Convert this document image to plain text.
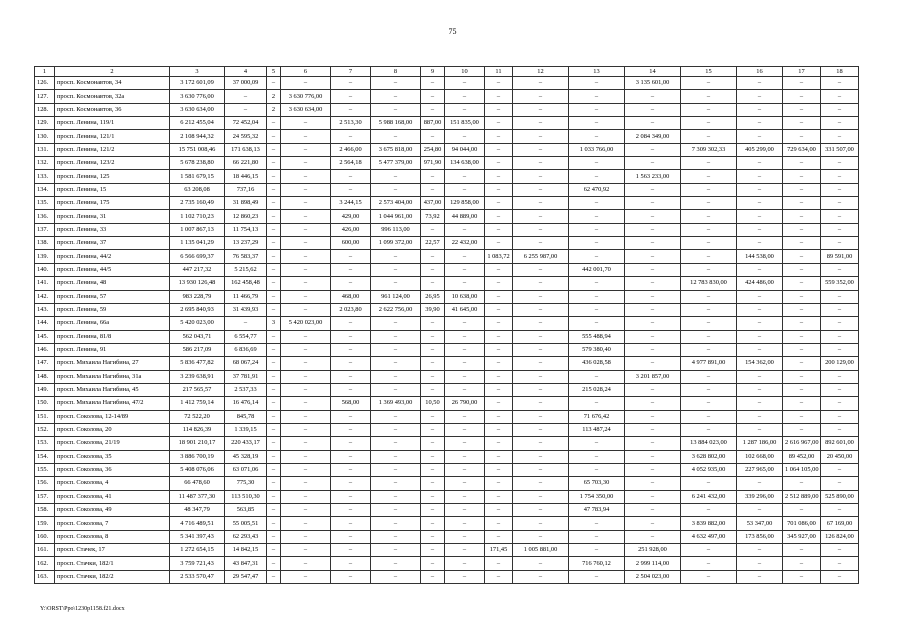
75
1	2	3	4	5	6	7	8	9	10	11	12	13	14	15	16	17	18
126.	просп. Космонавтов, 34	3 172 601,09	37 000,09	–	–	–	–	–	–	–	–	–	3 135 601,00	–	–	–	–
127.	просп. Космонавтов, 32а	3 630 776,00	–	2	3 630 776,00	–	–	–	–	–	–	–	–	–	–	–	–
128.	просп. Космонавтов, 36	3 630 634,00	–	2	3 630 634,00	–	–	–	–	–	–	–	–	–	–	–	–
129.	просп. Ленина, 119/1	6 212 455,04	72 452,04	–	–	2 513,30	5 988 168,00	887,00	151 835,00	–	–	–	–	–	–	–	–
130.	просп. Ленина, 121/1	2 108 944,32	24 595,32	–	–	–	–	–	–	–	–	–	2 084 349,00	–	–	–	–
131.	просп. Ленина, 121/2	15 751 008,46	171 638,13	–	–	2 466,00	3 675 818,00	254,80	94 044,00	–	–	1 033 766,00	–	7 309 302,33	405 299,00	729 634,00	331 507,00
132.	просп. Ленина, 123/2	5 678 238,80	66 221,80	–	–	2 564,18	5 477 379,00	971,90	134 638,00	–	–	–	–	–	–	–	–
133.	просп. Ленина, 125	1 581 679,15	18 446,15	–	–	–	–	–	–	–	–	–	1 563 233,00	–	–	–	–
134.	просп. Ленина, 15	63 208,08	737,16	–	–	–	–	–	–	–	–	62 470,92	–	–	–	–	–
135.	просп. Ленина, 175	2 735 160,49	31 898,49	–	–	3 244,15	2 573 404,00	437,00	129 858,00	–	–	–	–	–	–	–	–
136.	просп. Ленина, 31	1 102 710,23	12 860,23	–	–	429,00	1 044 961,00	73,92	44 889,00	–	–	–	–	–	–	–	–
137.	просп. Ленина, 33	1 007 867,13	11 754,13	–	–	426,00	996 113,00	–	–	–	–	–	–	–	–	–	–
138.	просп. Ленина, 37	1 135 041,29	13 237,29	–	–	600,00	1 099 372,00	22,57	22 432,00	–	–	–	–	–	–	–	–
139.	просп. Ленина, 44/2	6 566 699,37	76 583,37	–	–	–	–	–	–	1 083,72	6 255 987,00	–	–	–	144 538,00	–	89 591,00
140.	просп. Ленина, 44/5	447 217,32	5 215,62	–	–	–	–	–	–	–	–	442 001,70	–	–	–	–	–
141.	просп. Ленина, 48	13 930 126,48	162 458,48	–	–	–	–	–	–	–	–	–	–	12 783 830,00	424 486,00	–	559 352,00
142.	просп. Ленина, 57	983 228,79	11 466,79	–	–	468,00	961 124,00	26,95	10 638,00	–	–	–	–	–	–	–	–
143.	просп. Ленина, 59	2 695 840,93	31 439,93	–	–	2 023,80	2 622 756,00	39,90	41 645,00	–	–	–	–	–	–	–	–
144.	просп. Ленина, 66а	5 420 023,00	–	3	5 420 023,00	–	–	–	–	–	–	–	–	–	–	–	–
145.	просп. Ленина, 81/8	562 043,71	6 554,77	–	–	–	–	–	–	–	–	555 488,94	–	–	–	–	–
146.	просп. Ленина, 91	586 217,09	6 836,69	–	–	–	–	–	–	–	–	579 380,40	–	–	–	–	–
147.	просп. Михаила Нагибина, 27	5 836 477,82	68 067,24	–	–	–	–	–	–	–	–	436 028,58	–	4 977 891,00	154 362,00	–	200 129,00
148.	просп. Михаила Нагибина, 31а	3 239 638,91	37 781,91	–	–	–	–	–	–	–	–	–	3 201 857,00	–	–	–	–
149.	просп. Михаила Нагибина, 45	217 565,57	2 537,33	–	–	–	–	–	–	–	–	215 028,24	–	–	–	–	–
150.	просп. Михаила Нагибина, 47/2	1 412 759,14	16 476,14	–	–	568,00	1 369 493,00	10,50	26 790,00	–	–	–	–	–	–	–	–
151.	просп. Соколова, 12-14/89	72 522,20	845,78	–	–	–	–	–	–	–	–	71 676,42	–	–	–	–	–
152.	просп. Соколова, 20	114 826,39	1 339,15	–	–	–	–	–	–	–	–	113 487,24	–	–	–	–	–
153.	просп. Соколова, 21/19	18 901 210,17	220 433,17	–	–	–	–	–	–	–	–	–	–	13 884 023,00	1 287 186,00	2 616 967,00	892 601,00
154.	просп. Соколова, 35	3 886 700,19	45 328,19	–	–	–	–	–	–	–	–	–	–	3 628 802,00	102 668,00	89 452,00	20 450,00
155.	просп. Соколова, 36	5 408 076,06	63 071,06	–	–	–	–	–	–	–	–	–	–	4 052 935,00	227 965,00	1 064 105,00	–
156.	просп. Соколова, 4	66 478,60	775,30	–	–	–	–	–	–	–	–	65 703,30	–	–	–	–	–
157.	просп. Соколова, 41	11 487 377,30	113 510,30	–	–	–	–	–	–	–	–	1 754 350,00	–	6 241 432,00	339 296,00	2 512 889,00	525 890,00
158.	просп. Соколова, 49	48 347,79	563,85	–	–	–	–	–	–	–	–	47 783,94	–	–	–	–	–
159.	просп. Соколова, 7	4 716 489,51	55 005,51	–	–	–	–	–	–	–	–	–	–	3 839 882,00	53 347,00	701 086,00	67 169,00
160.	просп. Соколова, 8	5 341 397,43	62 293,43	–	–	–	–	–	–	–	–	–	–	4 632 497,00	173 856,00	345 927,00	126 824,00
161.	просп. Стачек, 17	1 272 654,15	14 842,15	–	–	–	–	–	–	171,45	1 005 881,00	–	251 928,00	–	–	–	–
162.	просп. Стачки, 182/1	3 759 721,43	43 847,31	–	–	–	–	–	–	–	–	716 760,12	2 999 114,00	–	–	–	–
163.	просп. Стачки, 182/2	2 533 570,47	29 547,47	–	–	–	–	–	–	–	–	–	2 504 023,00	–	–	–	–
Y:\ORST\Ppo\1230p1158.f21.docx
